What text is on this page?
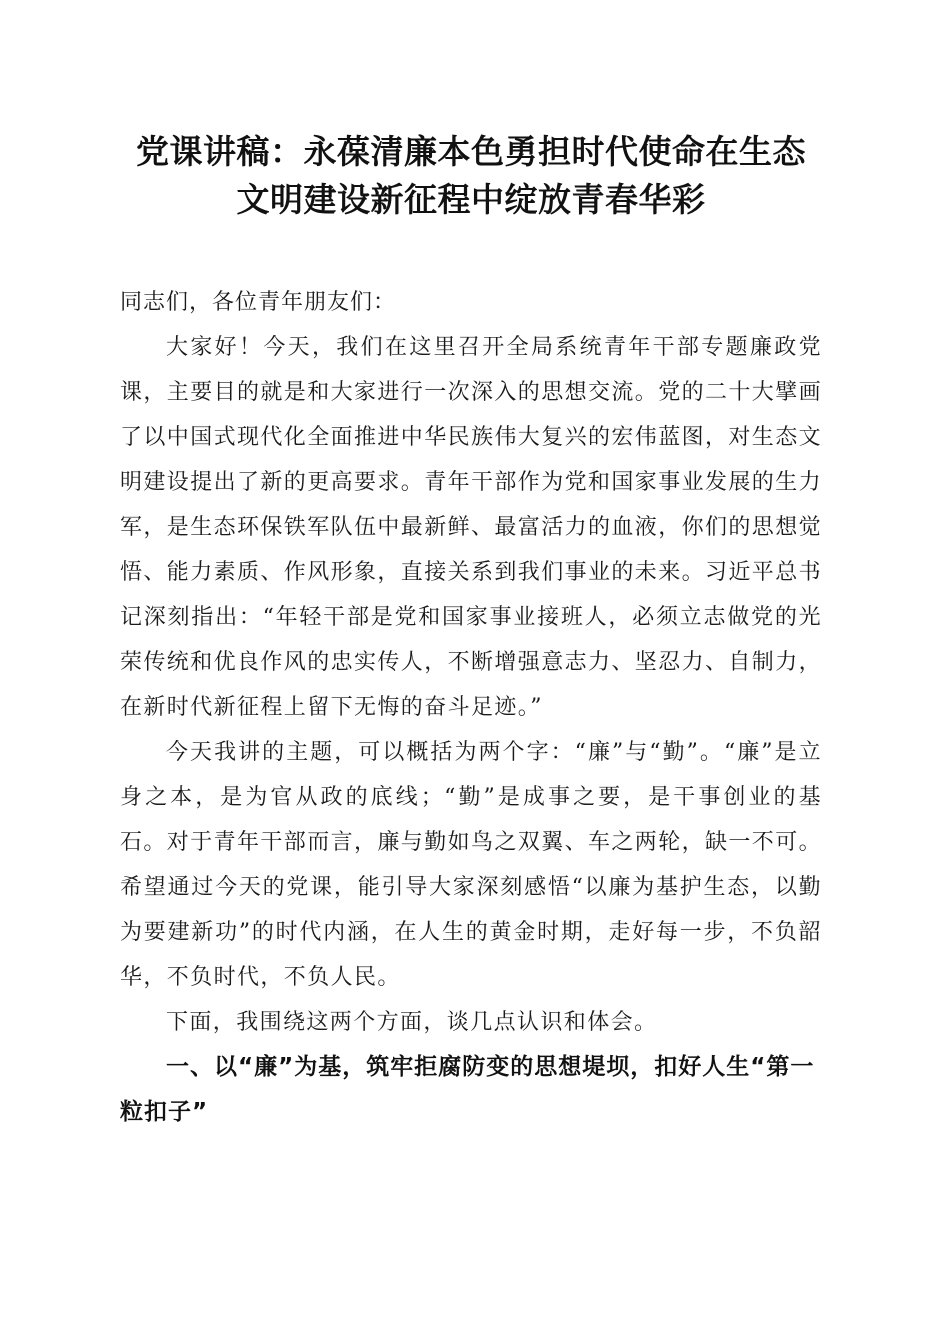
党课讲稿：永葆清廉本色勇担时代使命在生态
文明建设新征程中绽放青春华彩

同志们，各位青年朋友们：

大家好！今天，我们在这里召开全局系统青年干部专题廉政党课，主要目的就是和大家进行一次深入的思想交流。党的二十大擘画了以中国式现代化全面推进中华民族伟大复兴的宏伟蓝图，对生态文明建设提出了新的更高要求。青年干部作为党和国家事业发展的生力军，是生态环保铁军队伍中最新鲜、最富活力的血液，你们的思想觉悟、能力素质、作风形象，直接关系到我们事业的未来。习近平总书记深刻指出：“年轻干部是党和国家事业接班人，必须立志做党的光荣传统和优良作风的忠实传人，不断增强意志力、坚忍力、自制力，在新时代新征程上留下无悔的奋斗足迹。”

今天我讲的主题，可以概括为两个字：“廉”与“勤”。“廉”是立身之本，是为官从政的底线；“勤”是成事之要，是干事创业的基石。对于青年干部而言，廉与勤如鸟之双翼、车之两轮，缺一不可。希望通过今天的党课，能引导大家深刻感悟“以廉为基护生态，以勤为要建新功”的时代内涵，在人生的黄金时期，走好每一步，不负韶华，不负时代，不负人民。

下面，我围绕这两个方面，谈几点认识和体会。

一、以“廉”为基，筑牢拒腐防变的思想堤坝，扣好人生“第一粒扣子”
